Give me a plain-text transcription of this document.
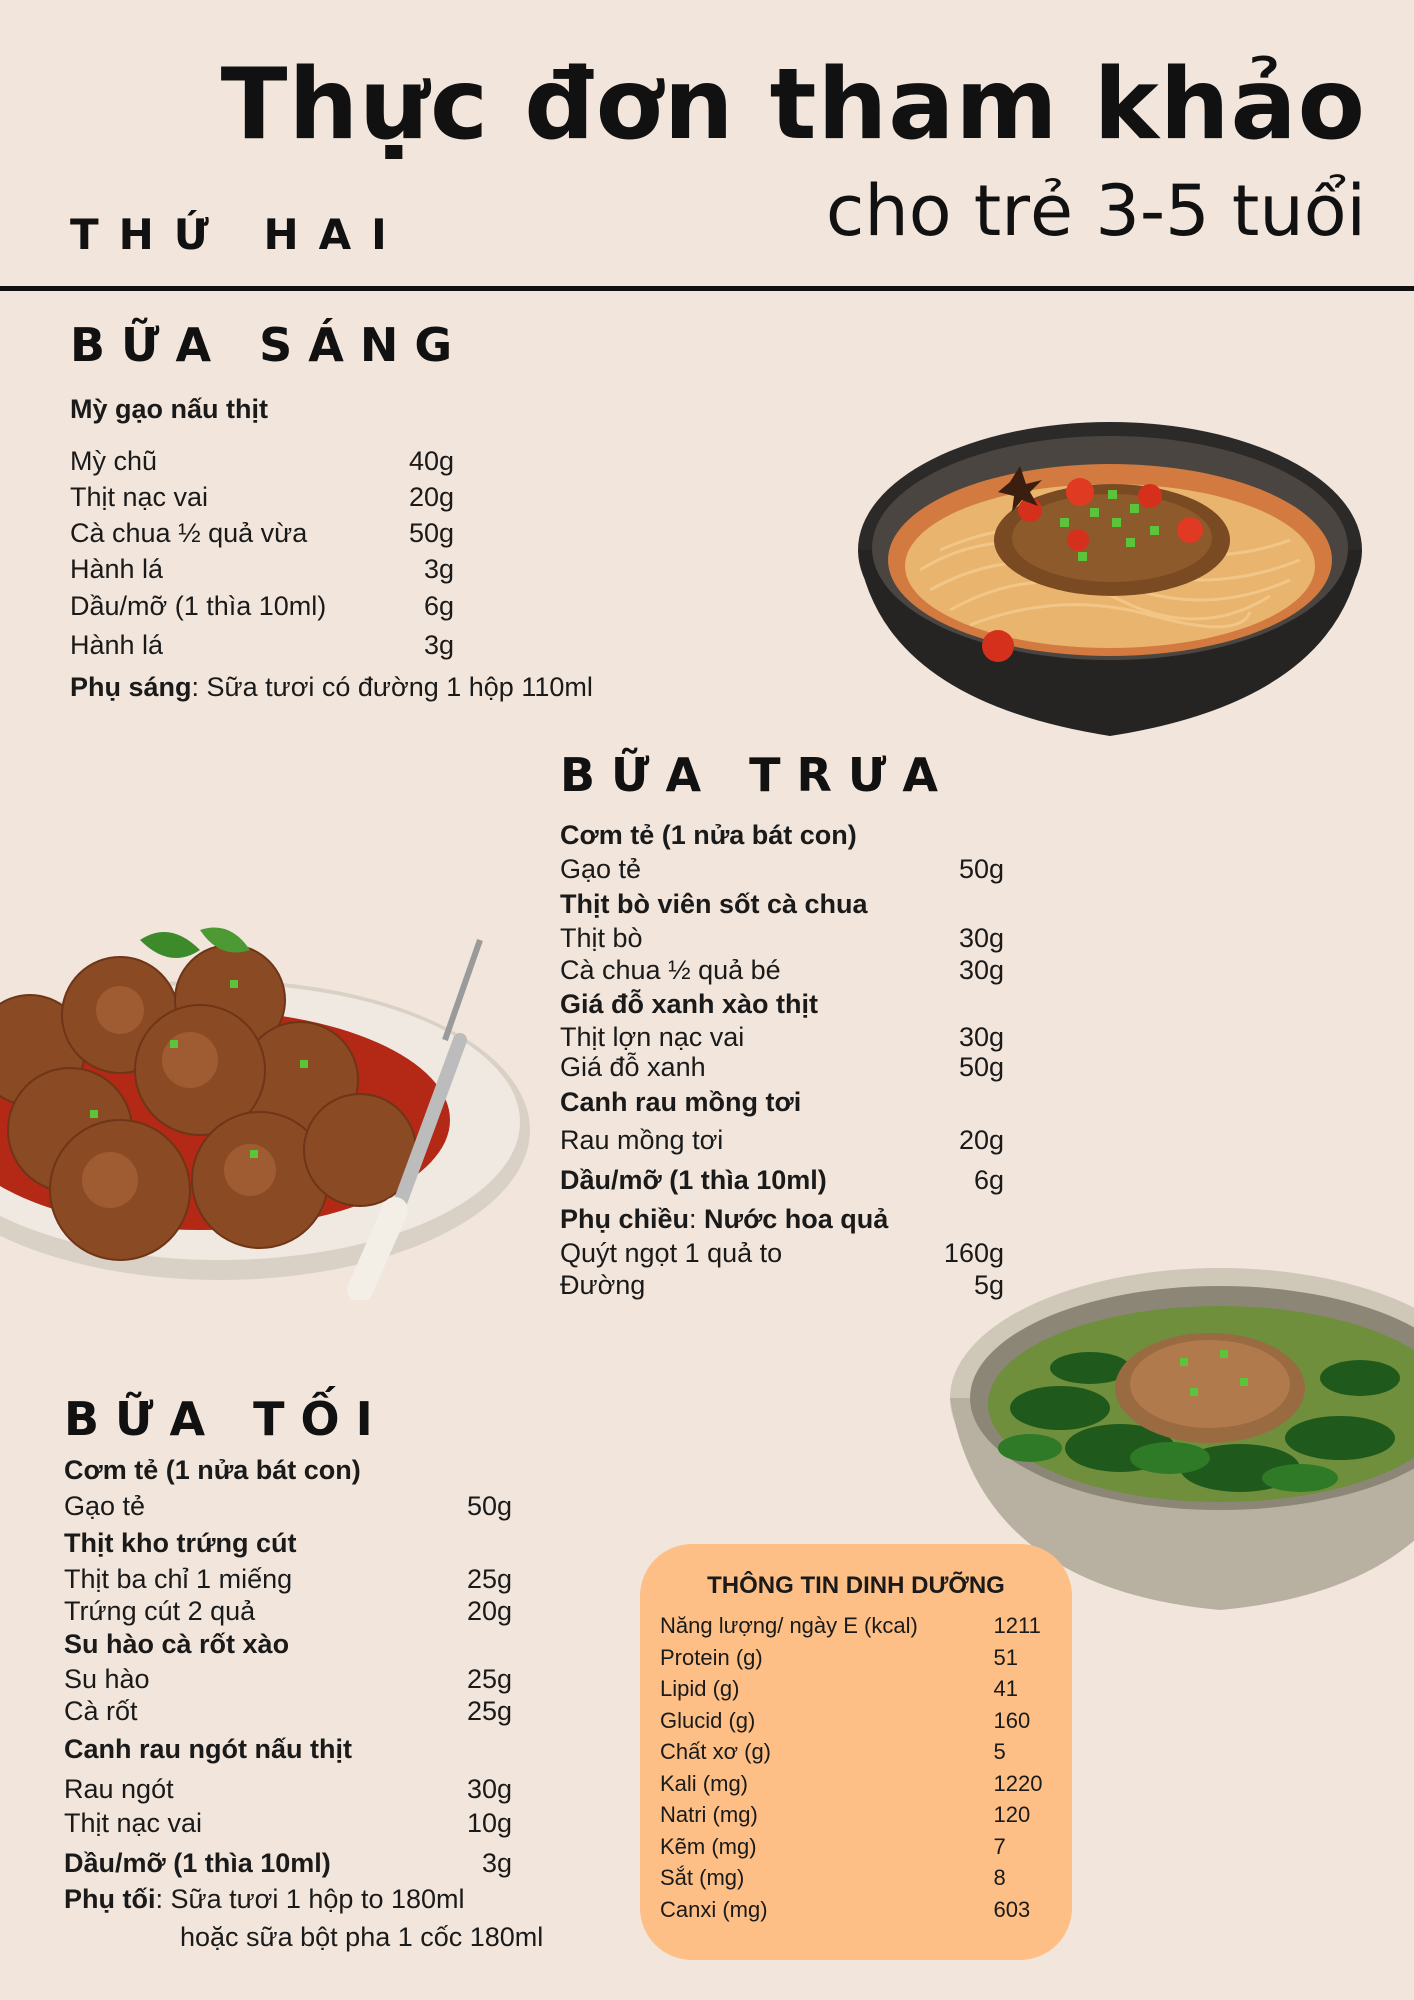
Thực đơn tham khảo
cho trẻ 3-5 tuổi
THỨ HAI
BỮA SÁNG
Mỳ gạo nấu thịt
Mỳ chũ	40g
Thịt nạc vai	20g
Cà chua ½ quả vừa	50g
Hành lá	3g
Dầu/mỡ (1 thìa 10ml)	6g
Hành lá	3g
Phụ sáng: Sữa tươi có đường 1 hộp 110ml
BỮA TRƯA
Cơm tẻ (1 nửa bát con)
Gạo tẻ	50g
Thịt bò viên sốt cà chua
Thịt bò	30g
Cà chua ½ quả bé	30g
Giá đỗ xanh xào thịt
Thịt lợn nạc vai	30g
Giá đỗ xanh	50g
Canh rau mồng tơi
Rau mồng tơi	20g
Dầu/mỡ (1 thìa 10ml)	6g
Phụ chiều: Nước hoa quả
Quýt ngọt 1 quả to	160g
Đường	5g
BỮA TỐI
Cơm tẻ (1 nửa bát con)
Gạo tẻ	50g
Thịt kho trứng cút
Thịt ba chỉ 1 miếng	25g
Trứng cút 2 quả	20g
Su hào cà rốt xào
Su hào	25g
Cà rốt	25g
Canh rau ngót nấu thịt
Rau ngót	30g
Thịt nạc vai	10g
Dầu/mỡ (1 thìa 10ml)	3g
Phụ tối: Sữa tươi 1 hộp to 180ml
hoặc sữa bột pha 1 cốc 180ml
THÔNG TIN DINH DƯỠNG
Năng lượng/ ngày E (kcal)	1211
Protein (g)	51
Lipid (g)	41
Glucid (g)	160
Chất xơ (g)	5
Kali (mg)	1220
Natri (mg)	120
Kẽm (mg)	7
Sắt (mg)	8
Canxi (mg)	603
